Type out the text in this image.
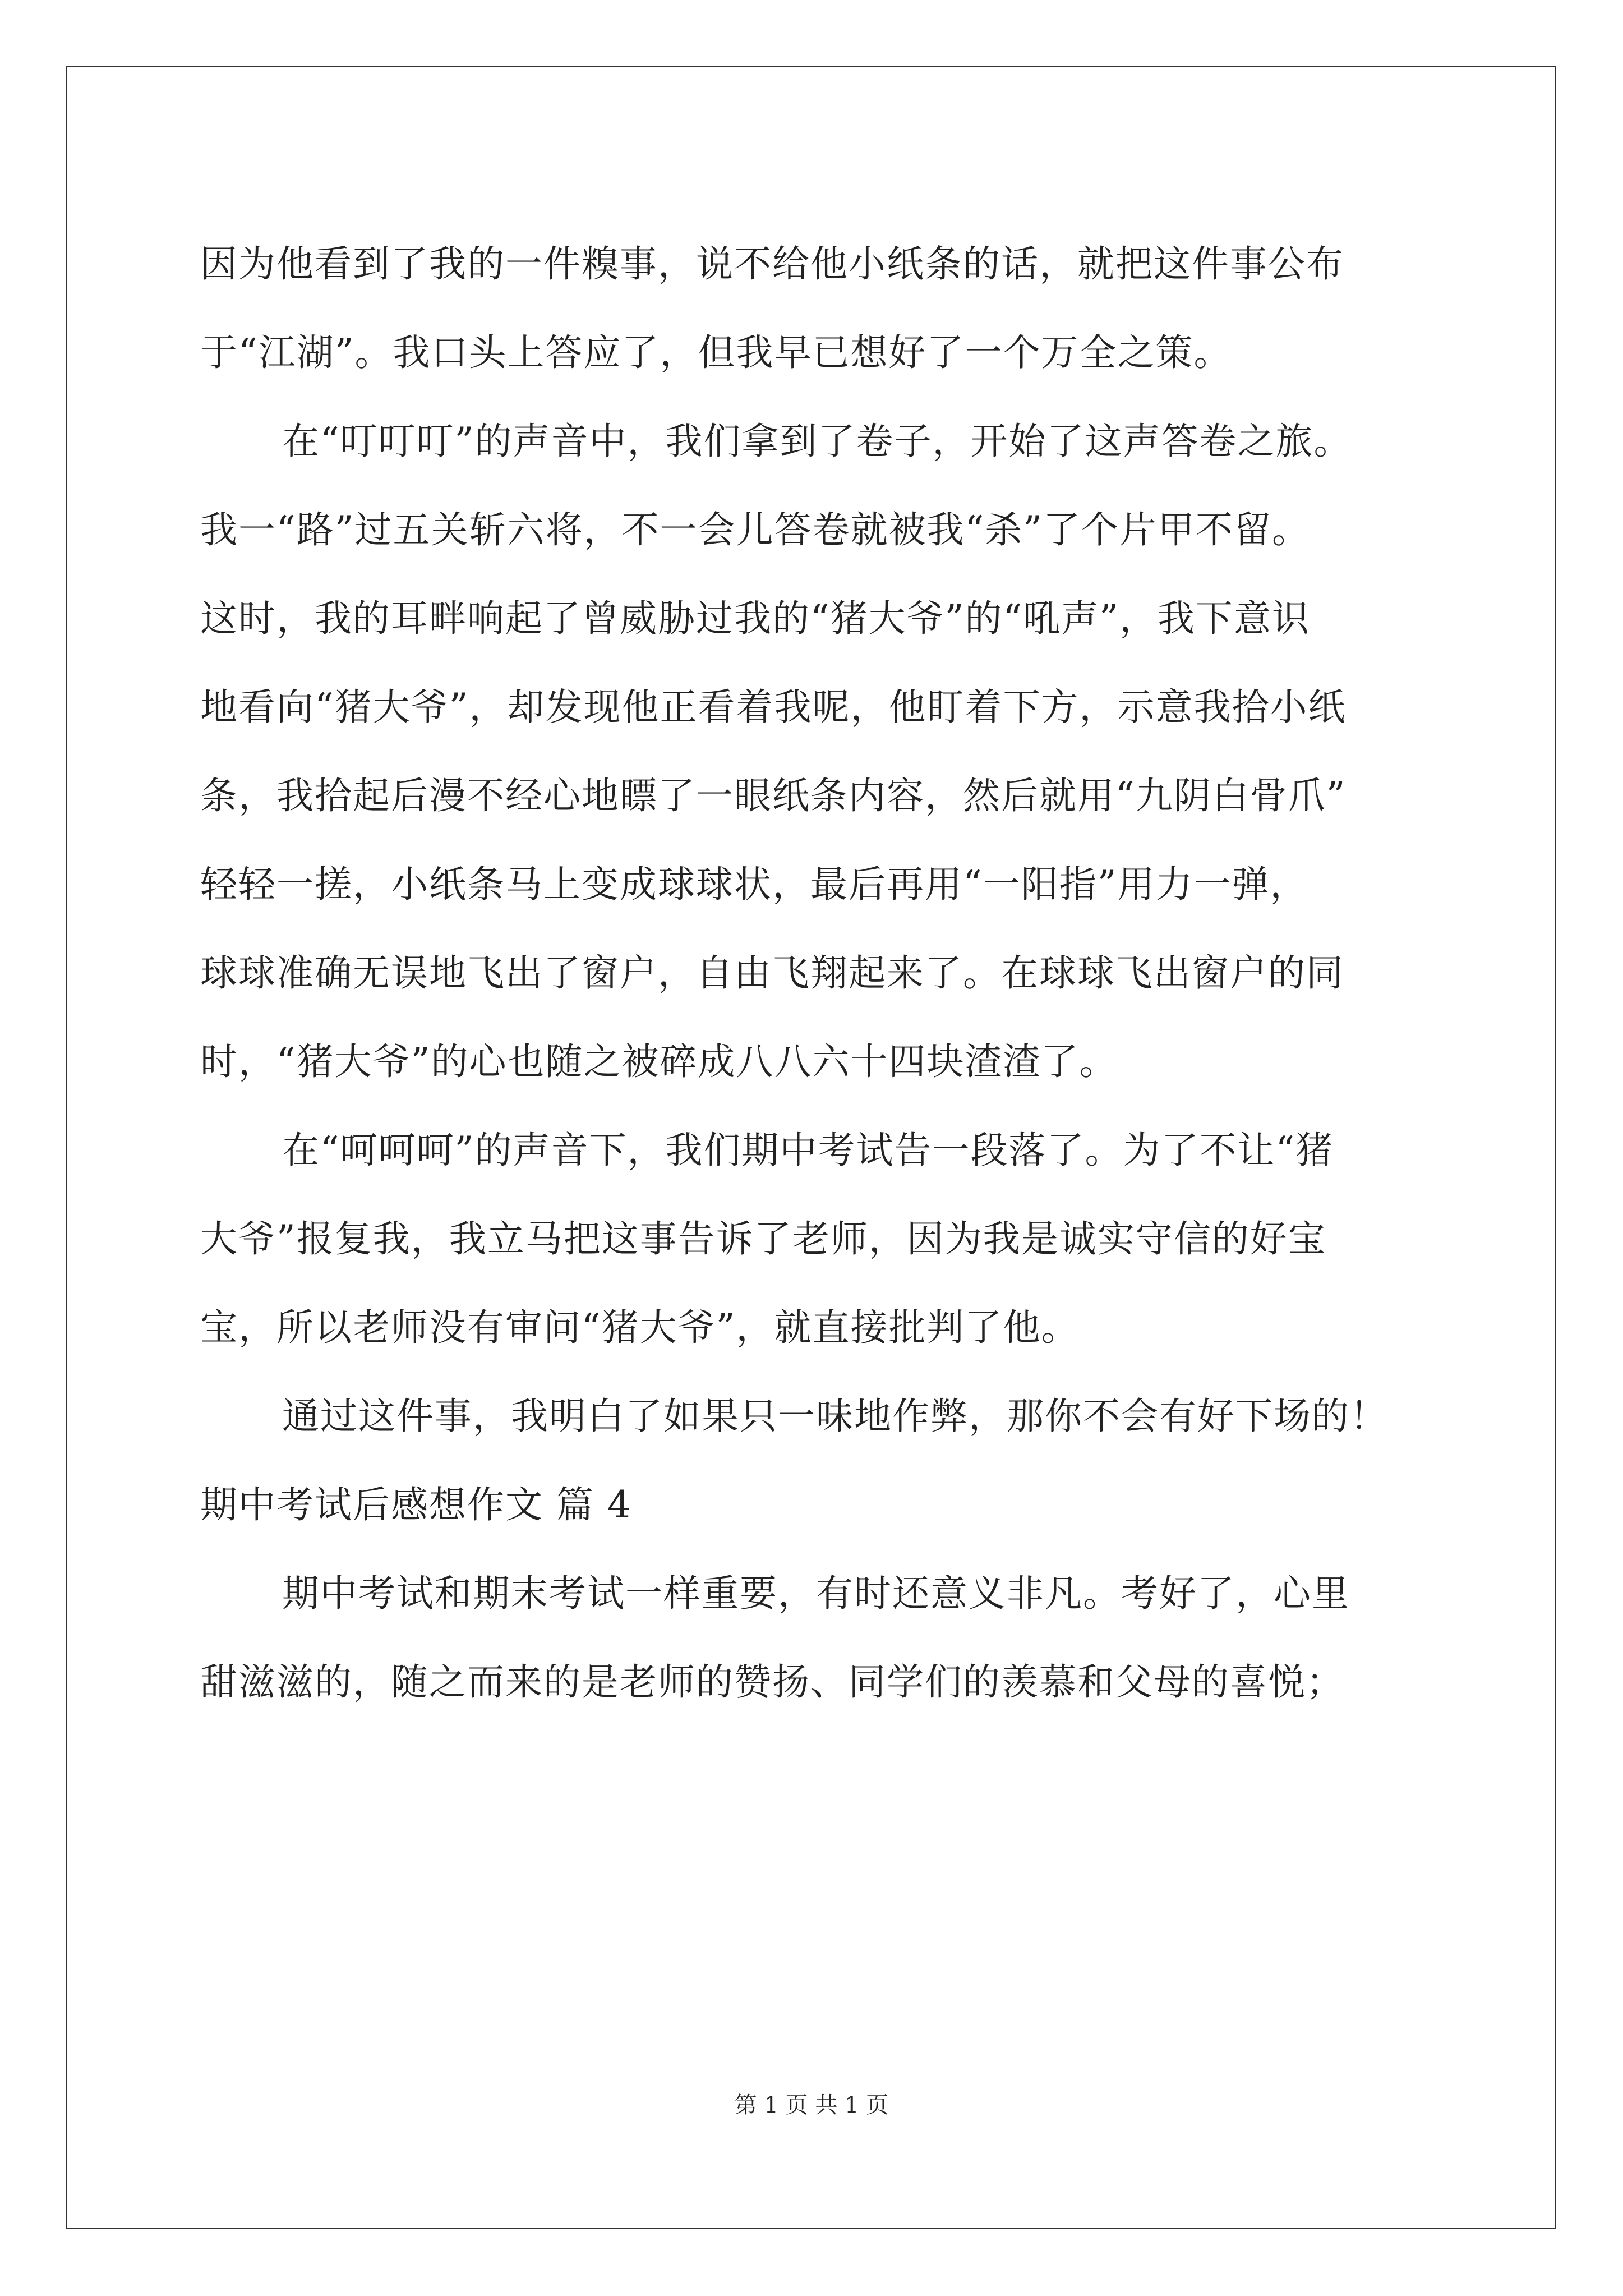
因为他看到了我的一件糗事，说不给他小纸条的话，就把这件事公布
于“江湖”。我口头上答应了，但我早已想好了一个万全之策。
在“叮叮叮”的声音中，我们拿到了卷子，开始了这声答卷之旅。
我一“路”过五关斩六将，不一会儿答卷就被我“杀”了个片甲不留。
这时，我的耳畔响起了曾威胁过我的“猪大爷”的“吼声”，我下意识
地看向“猪大爷”，却发现他正看着我呢，他盯着下方，示意我拾小纸
条，我拾起后漫不经心地瞟了一眼纸条内容，然后就用“九阴白骨爪”
轻轻一搓，小纸条马上变成球球状，最后再用“一阳指”用力一弹，
球球准确无误地飞出了窗户，自由飞翔起来了。在球球飞出窗户的同
时，“猪大爷”的心也随之被碎成八八六十四块渣渣了。
在“呵呵呵”的声音下，我们期中考试告一段落了。为了不让“猪
大爷”报复我，我立马把这事告诉了老师，因为我是诚实守信的好宝
宝，所以老师没有审问“猪大爷”，就直接批判了他。
通过这件事，我明白了如果只一味地作弊，那你不会有好下场的！
期中考试后感想作文 篇 4
期中考试和期末考试一样重要，有时还意义非凡。考好了，心里
甜滋滋的，随之而来的是老师的赞扬、同学们的羡慕和父母的喜悦；
第 1 页 共 1 页
